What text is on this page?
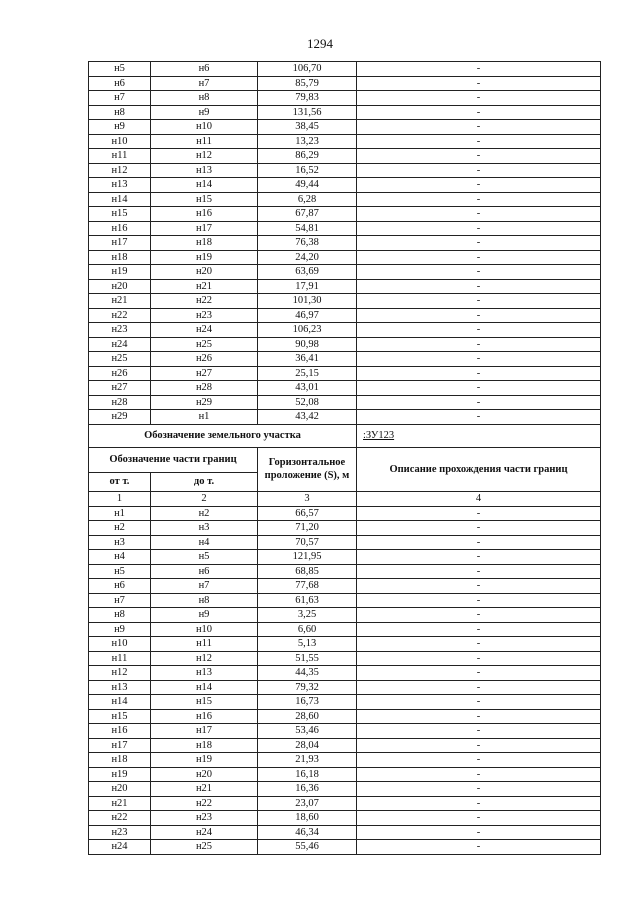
1294
н5	н6	106,70	-
н6	н7	85,79	-
н7	н8	79,83	-
н8	н9	131,56	-
н9	н10	38,45	-
н10	н11	13,23	-
н11	н12	86,29	-
н12	н13	16,52	-
н13	н14	49,44	-
н14	н15	6,28	-
н15	н16	67,87	-
н16	н17	54,81	-
н17	н18	76,38	-
н18	н19	24,20	-
н19	н20	63,69	-
н20	н21	17,91	-
н21	н22	101,30	-
н22	н23	46,97	-
н23	н24	106,23	-
н24	н25	90,98	-
н25	н26	36,41	-
н26	н27	25,15	-
н27	н28	43,01	-
н28	н29	52,08	-
н29	н1	43,42	-
Обозначение земельного участка			:ЗУ123
Обозначение части границ		Горизонтальное проложение (S), м	Описание прохождения части границ
от т.	до т.		
1	2	3	4
н1	н2	66,57	-
н2	н3	71,20	-
н3	н4	70,57	-
н4	н5	121,95	-
н5	н6	68,85	-
н6	н7	77,68	-
н7	н8	61,63	-
н8	н9	3,25	-
н9	н10	6,60	-
н10	н11	5,13	-
н11	н12	51,55	-
н12	н13	44,35	-
н13	н14	79,32	-
н14	н15	16,73	-
н15	н16	28,60	-
н16	н17	53,46	-
н17	н18	28,04	-
н18	н19	21,93	-
н19	н20	16,18	-
н20	н21	16,36	-
н21	н22	23,07	-
н22	н23	18,60	-
н23	н24	46,34	-
н24	н25	55,46	-
